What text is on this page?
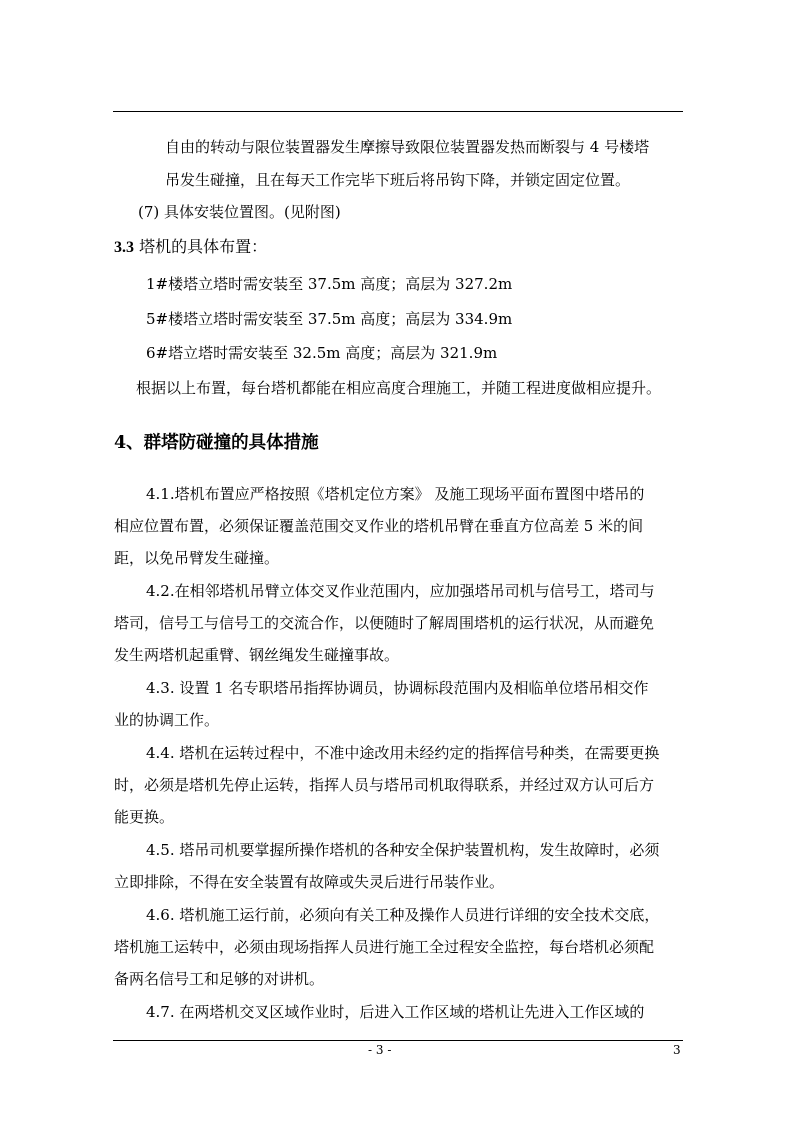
自由的转动与限位装置器发生摩擦导致限位装置器发热而断裂与 4 号楼塔
吊发生碰撞，且在每天工作完毕下班后将吊钩下降，并锁定固定位置。
(7) 具体安装位置图。(见附图)
3.3 塔机的具体布置：
1#楼塔立塔时需安装至 37.5m 高度；高层为 327.2m
5#楼塔立塔时需安装至 37.5m 高度；高层为 334.9m
6#塔立塔时需安装至 32.5m 高度；高层为 321.9m
根据以上布置，每台塔机都能在相应高度合理施工，并随工程进度做相应提升。
4、群塔防碰撞的具体措施
4.1.塔机布置应严格按照《塔机定位方案》 及施工现场平面布置图中塔吊的
相应位置布置，必须保证覆盖范围交叉作业的塔机吊臂在垂直方位高差 5 米的间
距，以免吊臂发生碰撞。
4.2.在相邻塔机吊臂立体交叉作业范围内，应加强塔吊司机与信号工，塔司与
塔司，信号工与信号工的交流合作，以便随时了解周围塔机的运行状况，从而避免
发生两塔机起重臂、钢丝绳发生碰撞事故。
4.3. 设置 1 名专职塔吊指挥协调员，协调标段范围内及相临单位塔吊相交作
业的协调工作。
4.4. 塔机在运转过程中，不准中途改用未经约定的指挥信号种类，在需要更换
时，必须是塔机先停止运转，指挥人员与塔吊司机取得联系，并经过双方认可后方
能更换。
4.5. 塔吊司机要掌握所操作塔机的各种安全保护装置机构，发生故障时，必须
立即排除，不得在安全装置有故障或失灵后进行吊装作业。
4.6. 塔机施工运行前，必须向有关工种及操作人员进行详细的安全技术交底，
塔机施工运转中，必须由现场指挥人员进行施工全过程安全监控，每台塔机必须配
备两名信号工和足够的对讲机。
4.7. 在两塔机交叉区域作业时，后进入工作区域的塔机让先进入工作区域的
- 3 -	3
